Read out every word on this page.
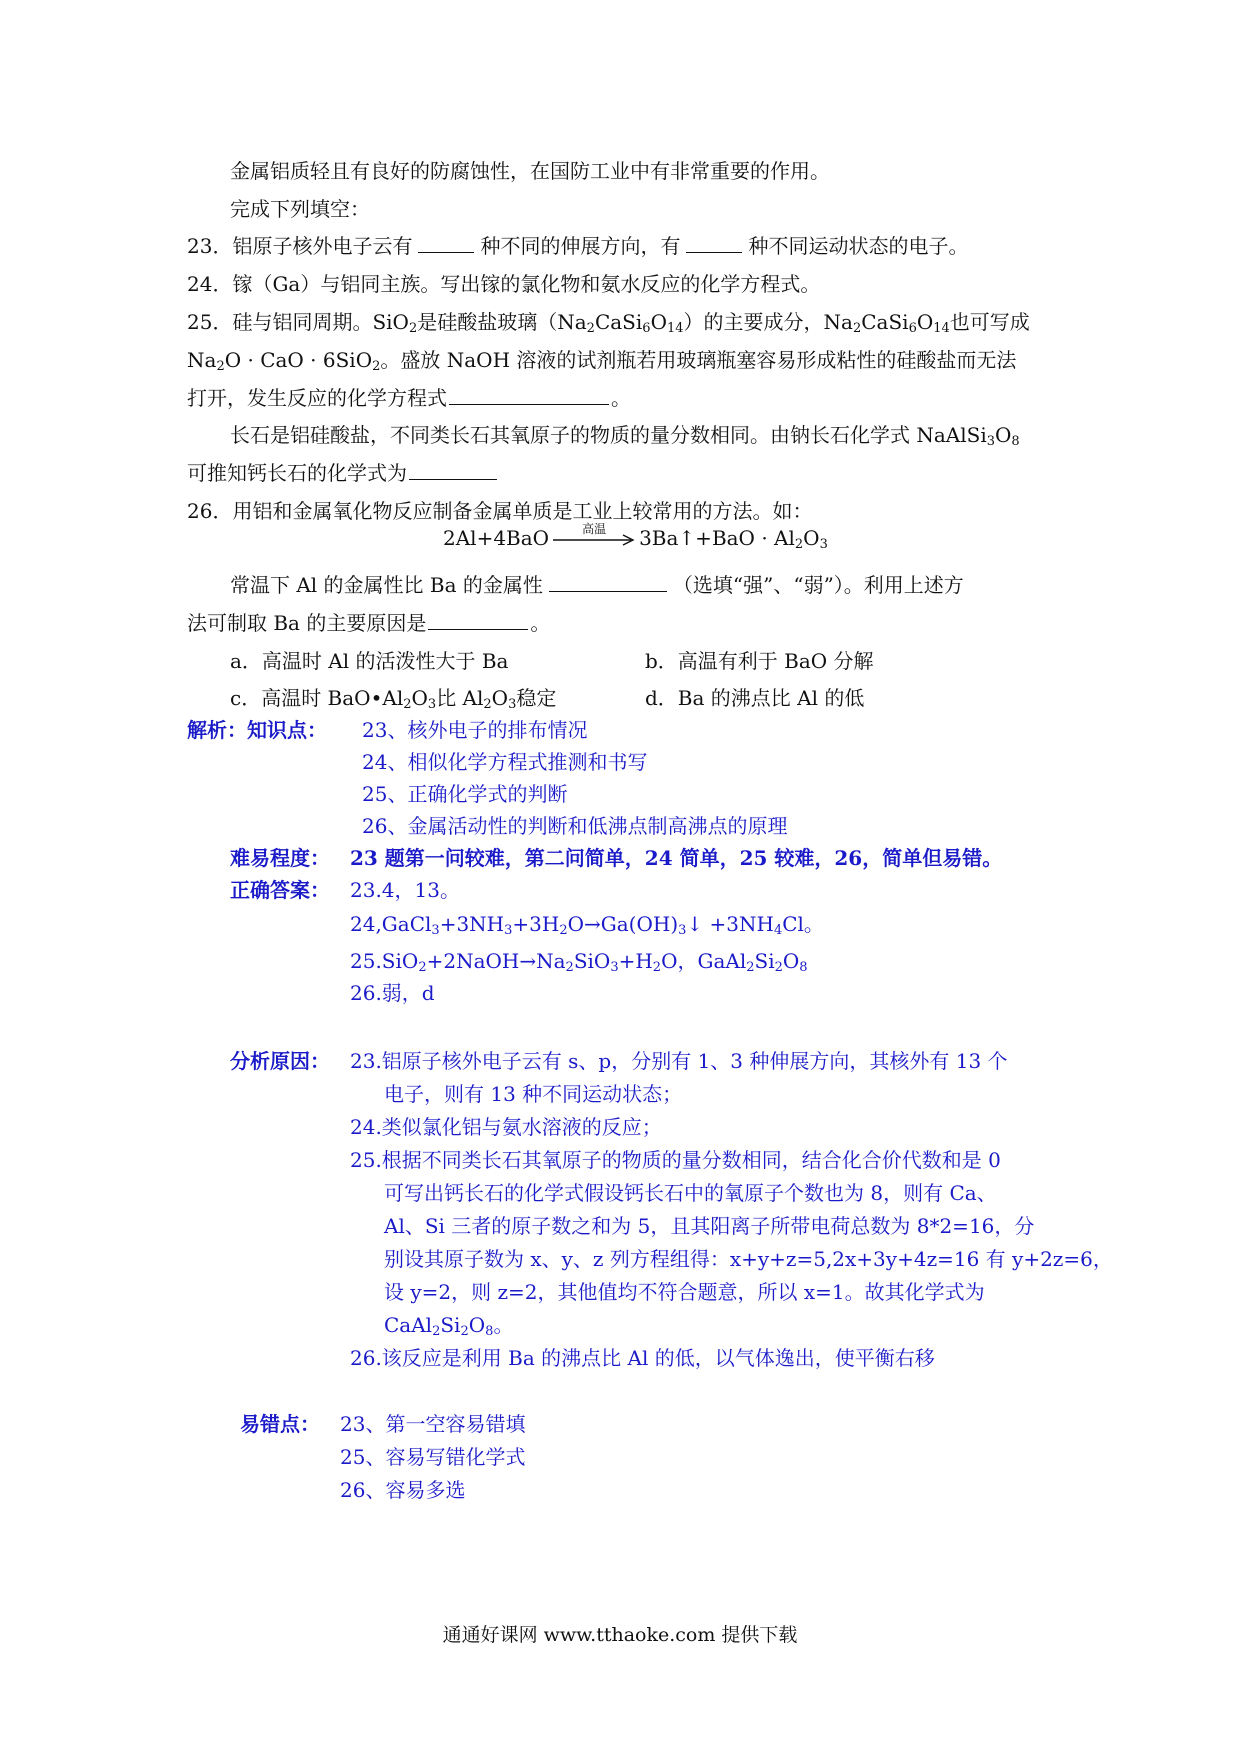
金属铝质轻且有良好的防腐蚀性，在国防工业中有非常重要的作用。
完成下列填空：
23．铝原子核外电子云有	种不同的伸展方向，有	种不同运动状态的电子。
24．镓（Ga）与铝同主族。写出镓的氯化物和氨水反应的化学方程式。
25．硅与铝同周期。SiO$_2$是硅酸盐玻璃$(Na_2CaSi_6O_{14})$的主要成分，$Na_2CaSi_6O_{14}$也可写成
$Na_2O$ · CaO · 6SiO$_2$。盛放 NaOH 溶液的试剂瓶若用玻璃瓶塞容易形成粘性的硅酸盐而无法
打开，发生反应的化学方程式	。
长石是铝硅酸盐，不同类长石其氧原子的物质的量分数相同。由钠长石化学式 $NaAlSi_3O_8$
可推知钙长石的化学式为
26．用铝和金属氧化物反应制备金属单质是工业上较常用的方法。如：
2Al+4BaO	高温	3Ba↑+BaO · $Al_2O_3$
常温下 Al 的金属性比 Ba 的金属性	（选填“强”、“弱”）。利用上述方
法可制取 Ba 的主要原因是	。
a．高温时 Al 的活泼性大于 Ba	b．高温有利于 BaO 分解
c．高温时 $BaO•Al_2O_3$比 $Al_2O_3$稳定	d．Ba 的沸点比 Al 的低
解析：知识点： 23、核外电子的排布情况
24、相似化学方程式推测和书写
25、正确化学式的判断
26、金属活动性的判断和低沸点制高沸点的原理
难易程度： 23 题第一问较难，第二问简单，24 简单，25 较难，26，简单但易错。
正确答案： 23.4，13。
$24,GaCl_3+3NH_3+3H_2O\to Ga(OH)_3↓ +3NH_4Cl$。
$25.SiO_2+2NaOH\to Na_2SiO_3+H_2O$，$GaAl_2Si_2O_8$
26.弱，d
分析原因： 23.铝原子核外电子云有 s、p，分别有 1、3 种伸展方向，其核外有 13 个
电子，则有 13 种不同运动状态；
24.类似氯化铝与氨水溶液的反应；
25.根据不同类长石其氧原子的物质的量分数相同，结合化合价代数和是 0
可写出钙长石的化学式假设钙长石中的氧原子个数也为 8，则有 Ca、
Al、Si 三者的原子数之和为 5，且其阳离子所带电荷总数为 8*2=16，分
别设其原子数为 x、y、z 列方程组得：x+y+z=5,2x+3y+4z=16 有 y+2z=6，
设 y=2，则 z=2，其他值均不符合题意，所以 x=1。故其化学式为
$CaAl_2Si_2O_8$。
26.该反应是利用 Ba 的沸点比 Al 的低，以气体逸出，使平衡右移
易错点： 23、第一空容易错填
25、容易写错化学式
26、容易多选
通通好课网 www.tthaoke.com 提供下载
